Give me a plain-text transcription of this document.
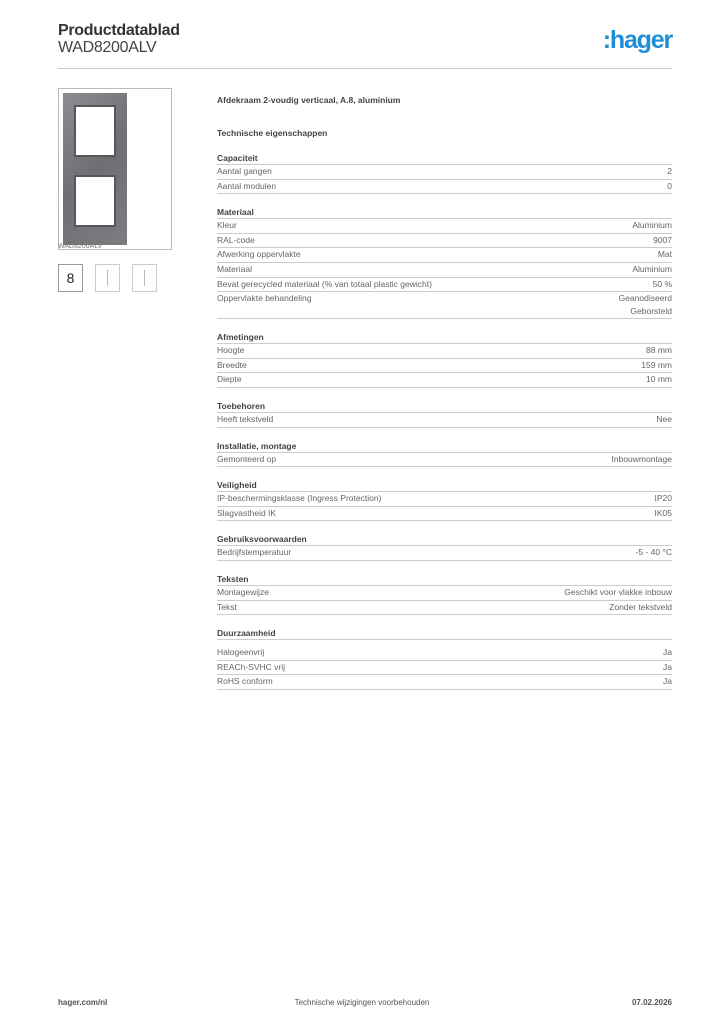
Productdatablad
WAD8200ALV	:hager
WAD8200ALV
8
Afdekraam 2-voudig verticaal, A.8, aluminium
Technische eigenschappen
Capaciteit
Aantal gangen	2
Aantal modulen	0
Materiaal
Kleur	Aluminium
RAL-code	9007
Afwerking oppervlakte	Mat
Materiaal	Aluminium
Bevat gerecycled materiaal (% van totaal plastic gewicht)	50 %
Oppervlakte behandeling	Geanodiseerd
Geborsteld
Afmetingen
Hoogte	88 mm
Breedte	159 mm
Diepte	10 mm
Toebehoren
Heeft tekstveld	Nee
Installatie, montage
Gemonteerd op	Inbouwmontage
Veiligheid
IP-beschermingsklasse (Ingress Protection)	IP20
Slagvastheid IK	IK05
Gebruiksvoorwaarden
Bedrijfstemperatuur	-5 - 40 °C
Teksten
Montagewijze	Geschikt voor vlakke inbouw
Tekst	Zonder tekstveld
Duurzaamheid
Halogeenvrij	Ja
REACh-SVHC vrij	Ja
RoHS conform	Ja
hager.com/nl	Technische wijzigingen voorbehouden	07.02.2026
